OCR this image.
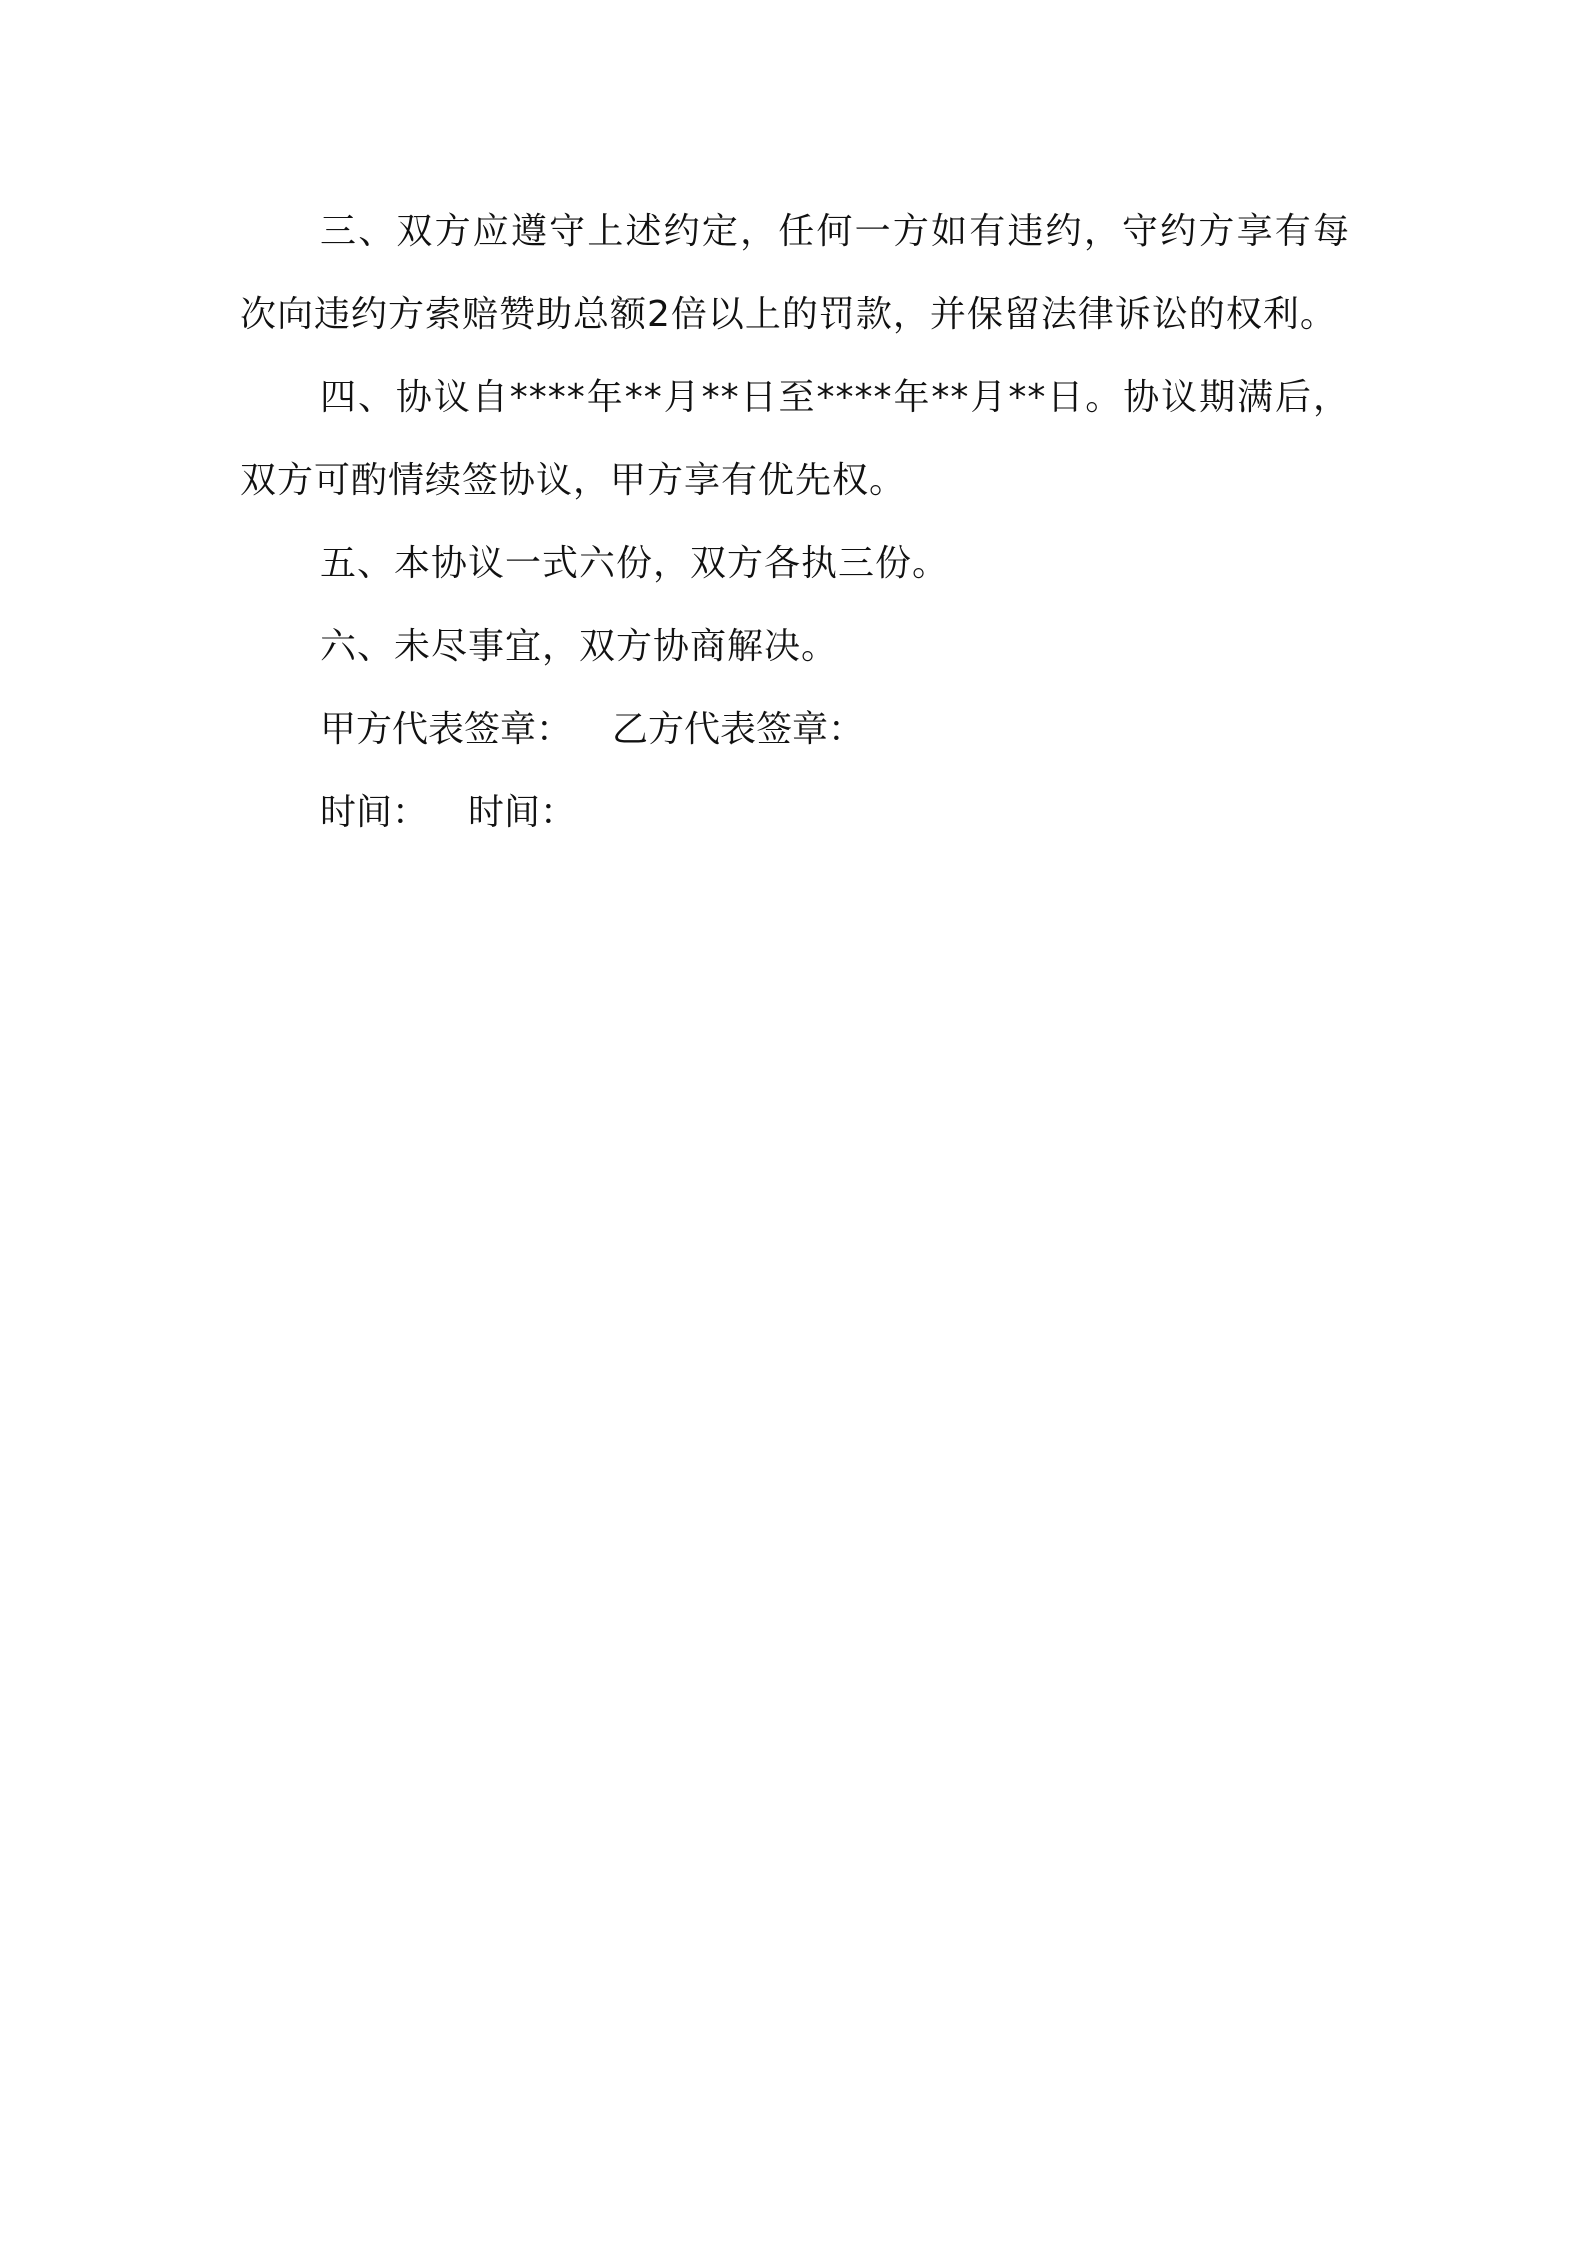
三、双方应遵守上述约定，任何一方如有违约，守约方享有每次向违约方索赔赞助总额2倍以上的罚款，并保留法律诉讼的权利。

四、协议自****年**月**日至****年**月**日。协议期满后，双方可酌情续签协议，甲方享有优先权。

五、本协议一式六份，双方各执三份。

六、未尽事宜，双方协商解决。

甲方代表签章： 乙方代表签章：

时间： 时间：
